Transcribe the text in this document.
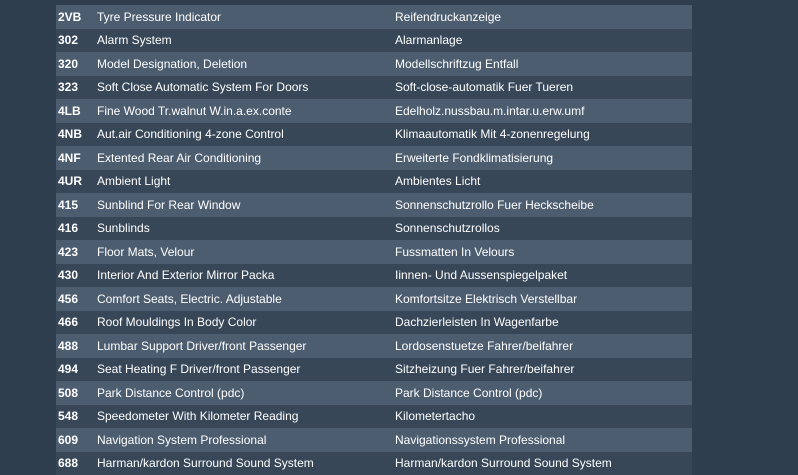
2VB	Tyre Pressure Indicator	Reifendruckanzeige
302	Alarm System	Alarmanlage
320	Model Designation, Deletion	Modellschriftzug Entfall
323	Soft Close Automatic System For Doors	Soft-close-automatik Fuer Tueren
4LB	Fine Wood Tr.walnut W.in.a.ex.conte	Edelholz.nussbau.m.intar.u.erw.umf
4NB	Aut.air Conditioning 4-zone Control	Klimaautomatik Mit 4-zonenregelung
4NF	Extented Rear Air Conditioning	Erweiterte Fondklimatisierung
4UR	Ambient Light	Ambientes Licht
415	Sunblind For Rear Window	Sonnenschutzrollo Fuer Heckscheibe
416	Sunblinds	Sonnenschutzrollos
423	Floor Mats, Velour	Fussmatten In Velours
430	Interior And Exterior Mirror Packa	Iinnen- Und Aussenspiegelpaket
456	Comfort Seats, Electric. Adjustable	Komfortsitze Elektrisch Verstellbar
466	Roof Mouldings In Body Color	Dachzierleisten In Wagenfarbe
488	Lumbar Support Driver/front Passenger	Lordosenstuetze Fahrer/beifahrer
494	Seat Heating F Driver/front Passenger	Sitzheizung Fuer Fahrer/beifahrer
508	Park Distance Control (pdc)	Park Distance Control (pdc)
548	Speedometer With Kilometer Reading	Kilometertacho
609	Navigation System Professional	Navigationssystem Professional
688	Harman/kardon Surround Sound System	Harman/kardon Surround Sound System
